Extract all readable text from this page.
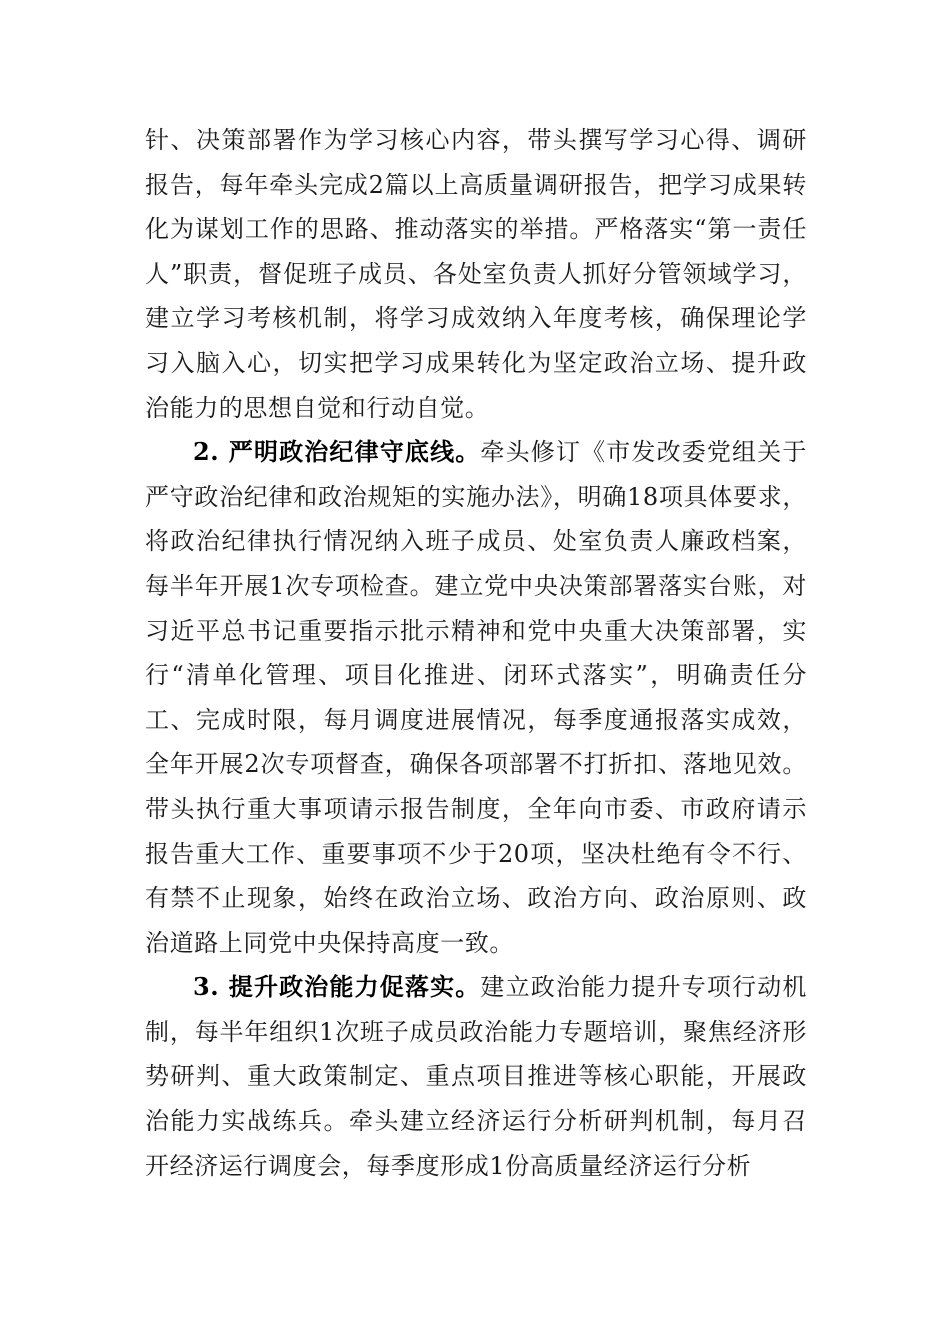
针、决策部署作为学习核心内容，带头撰写学习心得、调研报告，每年牵头完成2篇以上高质量调研报告，把学习成果转化为谋划工作的思路、推动落实的举措。严格落实“第一责任人”职责，督促班子成员、各处室负责人抓好分管领域学习，建立学习考核机制，将学习成效纳入年度考核，确保理论学习入脑入心，切实把学习成果转化为坚定政治立场、提升政治能力的思想自觉和行动自觉。

2. 严明政治纪律守底线。牵头修订《市发改委党组关于严守政治纪律和政治规矩的实施办法》，明确18项具体要求，将政治纪律执行情况纳入班子成员、处室负责人廉政档案，每半年开展1次专项检查。建立党中央决策部署落实台账，对习近平总书记重要指示批示精神和党中央重大决策部署，实行“清单化管理、项目化推进、闭环式落实”，明确责任分工、完成时限，每月调度进展情况，每季度通报落实成效，全年开展2次专项督查，确保各项部署不打折扣、落地见效。带头执行重大事项请示报告制度，全年向市委、市政府请示报告重大工作、重要事项不少于20项，坚决杜绝有令不行、有禁不止现象，始终在政治立场、政治方向、政治原则、政治道路上同党中央保持高度一致。

3. 提升政治能力促落实。建立政治能力提升专项行动机制，每半年组织1次班子成员政治能力专题培训，聚焦经济形势研判、重大政策制定、重点项目推进等核心职能，开展政治能力实战练兵。牵头建立经济运行分析研判机制，每月召开经济运行调度会，每季度形成1份高质量经济运行分析
